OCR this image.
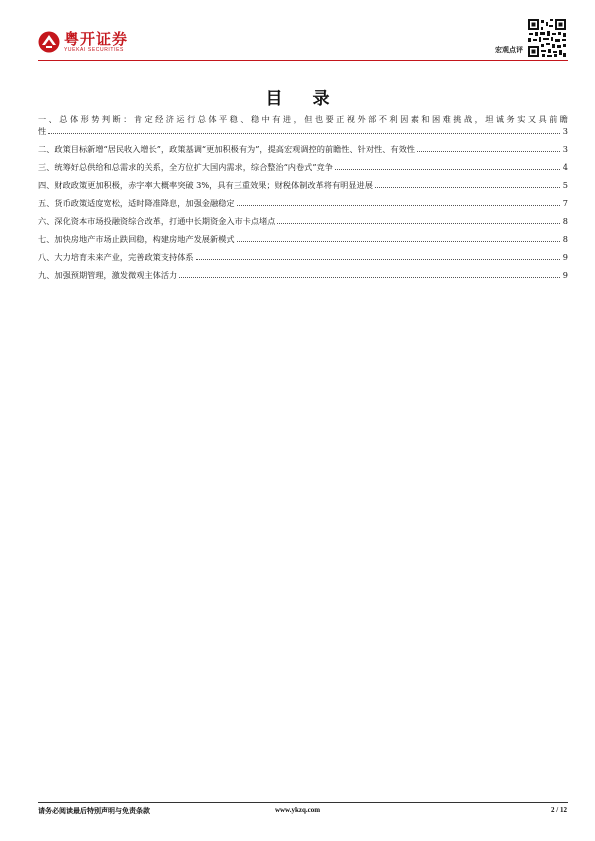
粤开证券
YUEKAI SECURITIES	宏观点评
目 录
一、总体形势判断：肯定经济运行总体平稳、稳中有进，但也要正视外部不利因素和困难挑战，坦诚务实又具前瞻
性	3
二、政策目标新增“居民收入增长”，政策基调“更加积极有为”，提高宏观调控的前瞻性、针对性、有效性	3
三、统筹好总供给和总需求的关系，全方位扩大国内需求，综合整治“内卷式”竞争	4
四、财政政策更加积极，赤字率大概率突破 3%，具有三重效果；财税体制改革将有明显进展	5
五、货币政策适度宽松，适时降准降息，加强金融稳定	7
六、深化资本市场投融资综合改革，打通中长期资金入市卡点堵点	8
七、加快房地产市场止跌回稳，构建房地产发展新模式	8
八、大力培育未来产业，完善政策支持体系	9
九、加强预期管理，激发微观主体活力	9
请务必阅读最后特别声明与免责条款	www.ykzq.com	2 / 12
